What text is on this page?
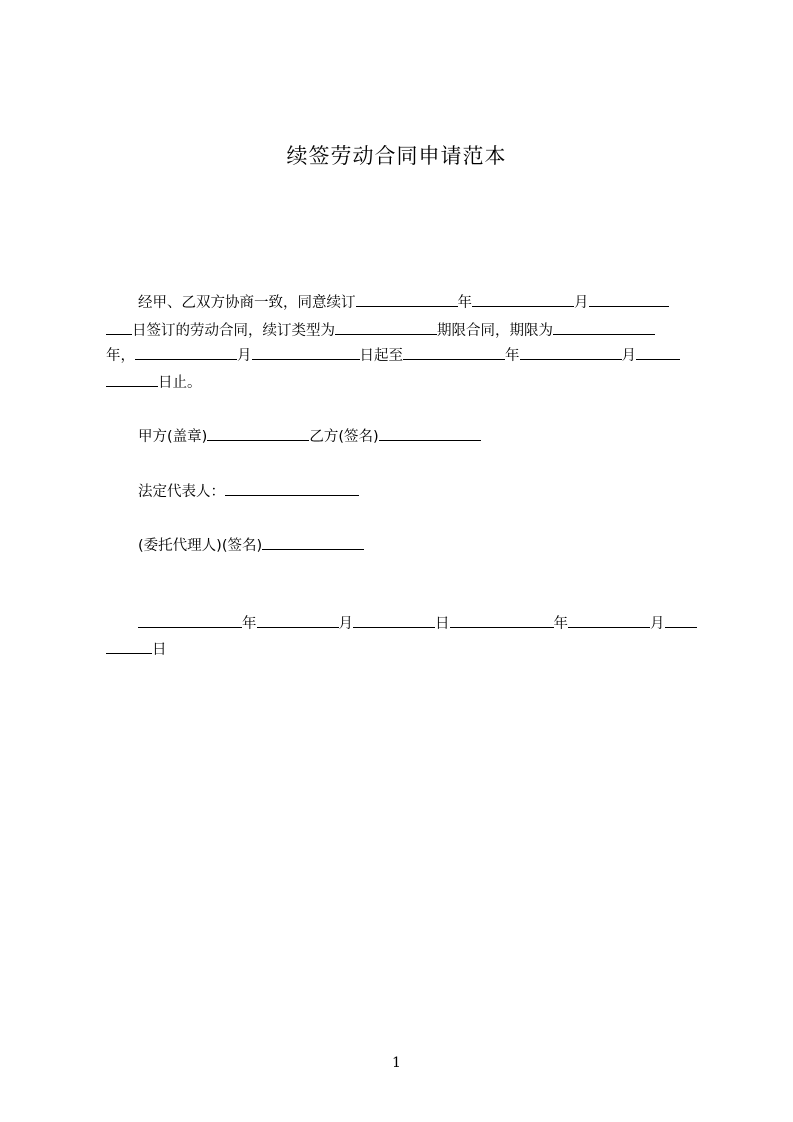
续签劳动合同申请范本
经甲、乙双方协商一致，同意续订	年	月
日签订的劳动合同，续订类型为	期限合同，期限为
年，	月	日起至	年	月
日止。
甲方(盖章)	乙方(签名)
法定代表人：
(委托代理人)(签名)
年	月	日	年	月
日
1
